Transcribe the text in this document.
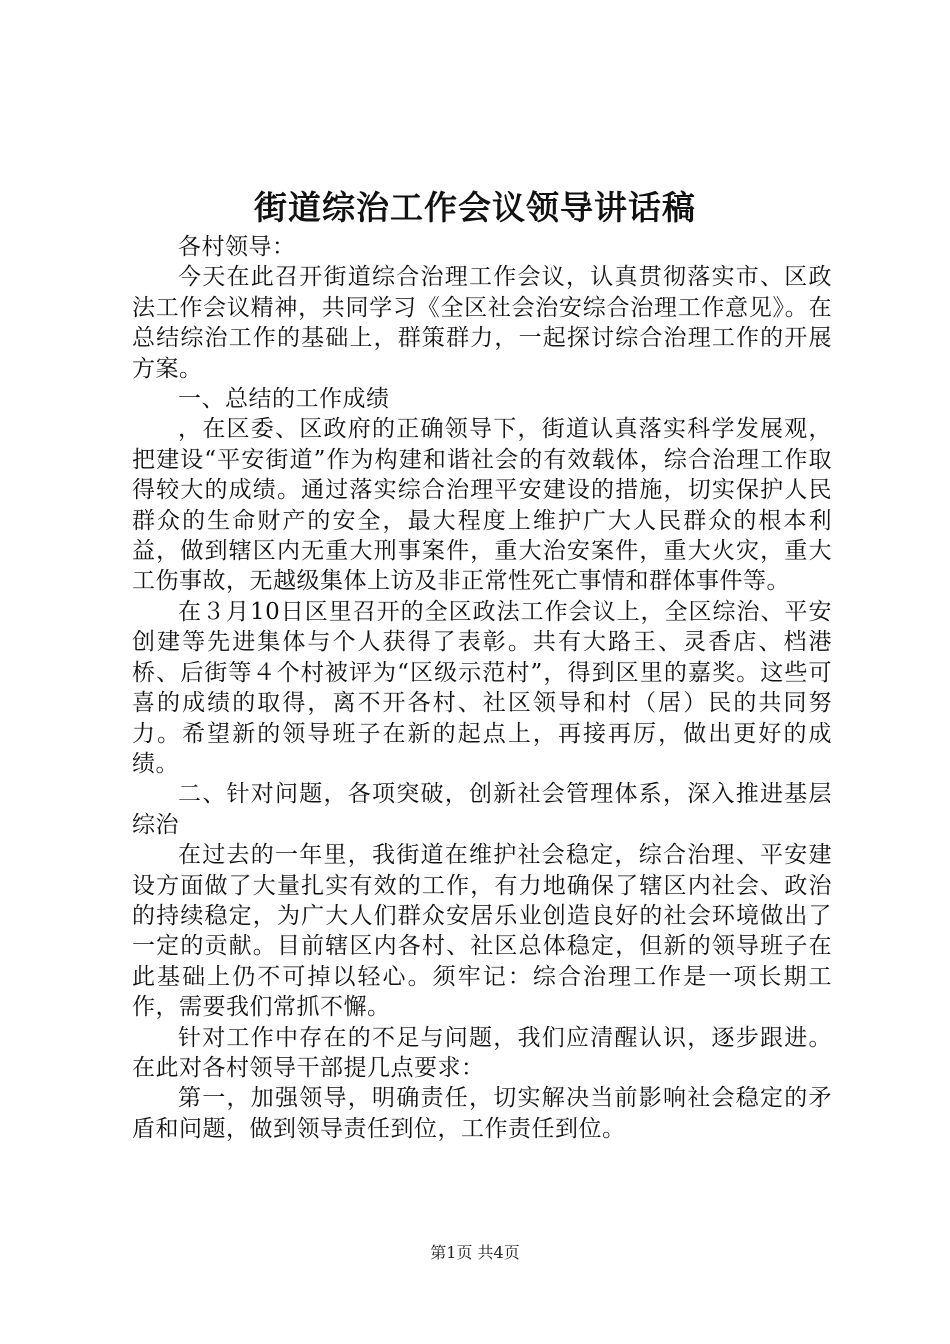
街道综治工作会议领导讲话稿

各村领导：

今天在此召开街道综合治理工作会议，认真贯彻落实市、区政法工作会议精神，共同学习《全区社会治安综合治理工作意见》。在总结综治工作的基础上，群策群力，一起探讨综合治理工作的开展方案。

一、总结的工作成绩

，在区委、区政府的正确领导下，街道认真落实科学发展观，把建设“平安街道”作为构建和谐社会的有效载体，综合治理工作取得较大的成绩。通过落实综合治理平安建设的措施，切实保护人民群众的生命财产的安全，最大程度上维护广大人民群众的根本利益，做到辖区内无重大刑事案件，重大治安案件，重大火灾，重大工伤事故，无越级集体上访及非正常性死亡事情和群体事件等。

在３月10日区里召开的全区政法工作会议上，全区综治、平安创建等先进集体与个人获得了表彰。共有大路王、灵香店、档港桥、后街等４个村被评为“区级示范村”，得到区里的嘉奖。这些可喜的成绩的取得，离不开各村、社区领导和村（居）民的共同努力。希望新的领导班子在新的起点上，再接再厉，做出更好的成绩。

二、针对问题，各项突破，创新社会管理体系，深入推进基层综治

在过去的一年里，我街道在维护社会稳定，综合治理、平安建设方面做了大量扎实有效的工作，有力地确保了辖区内社会、政治的持续稳定，为广大人们群众安居乐业创造良好的社会环境做出了一定的贡献。目前辖区内各村、社区总体稳定，但新的领导班子在此基础上仍不可掉以轻心。须牢记：综合治理工作是一项长期工作，需要我们常抓不懈。

针对工作中存在的不足与问题，我们应清醒认识，逐步跟进。在此对各村领导干部提几点要求：

第一，加强领导，明确责任，切实解决当前影响社会稳定的矛盾和问题，做到领导责任到位，工作责任到位。

第1页 共4页
